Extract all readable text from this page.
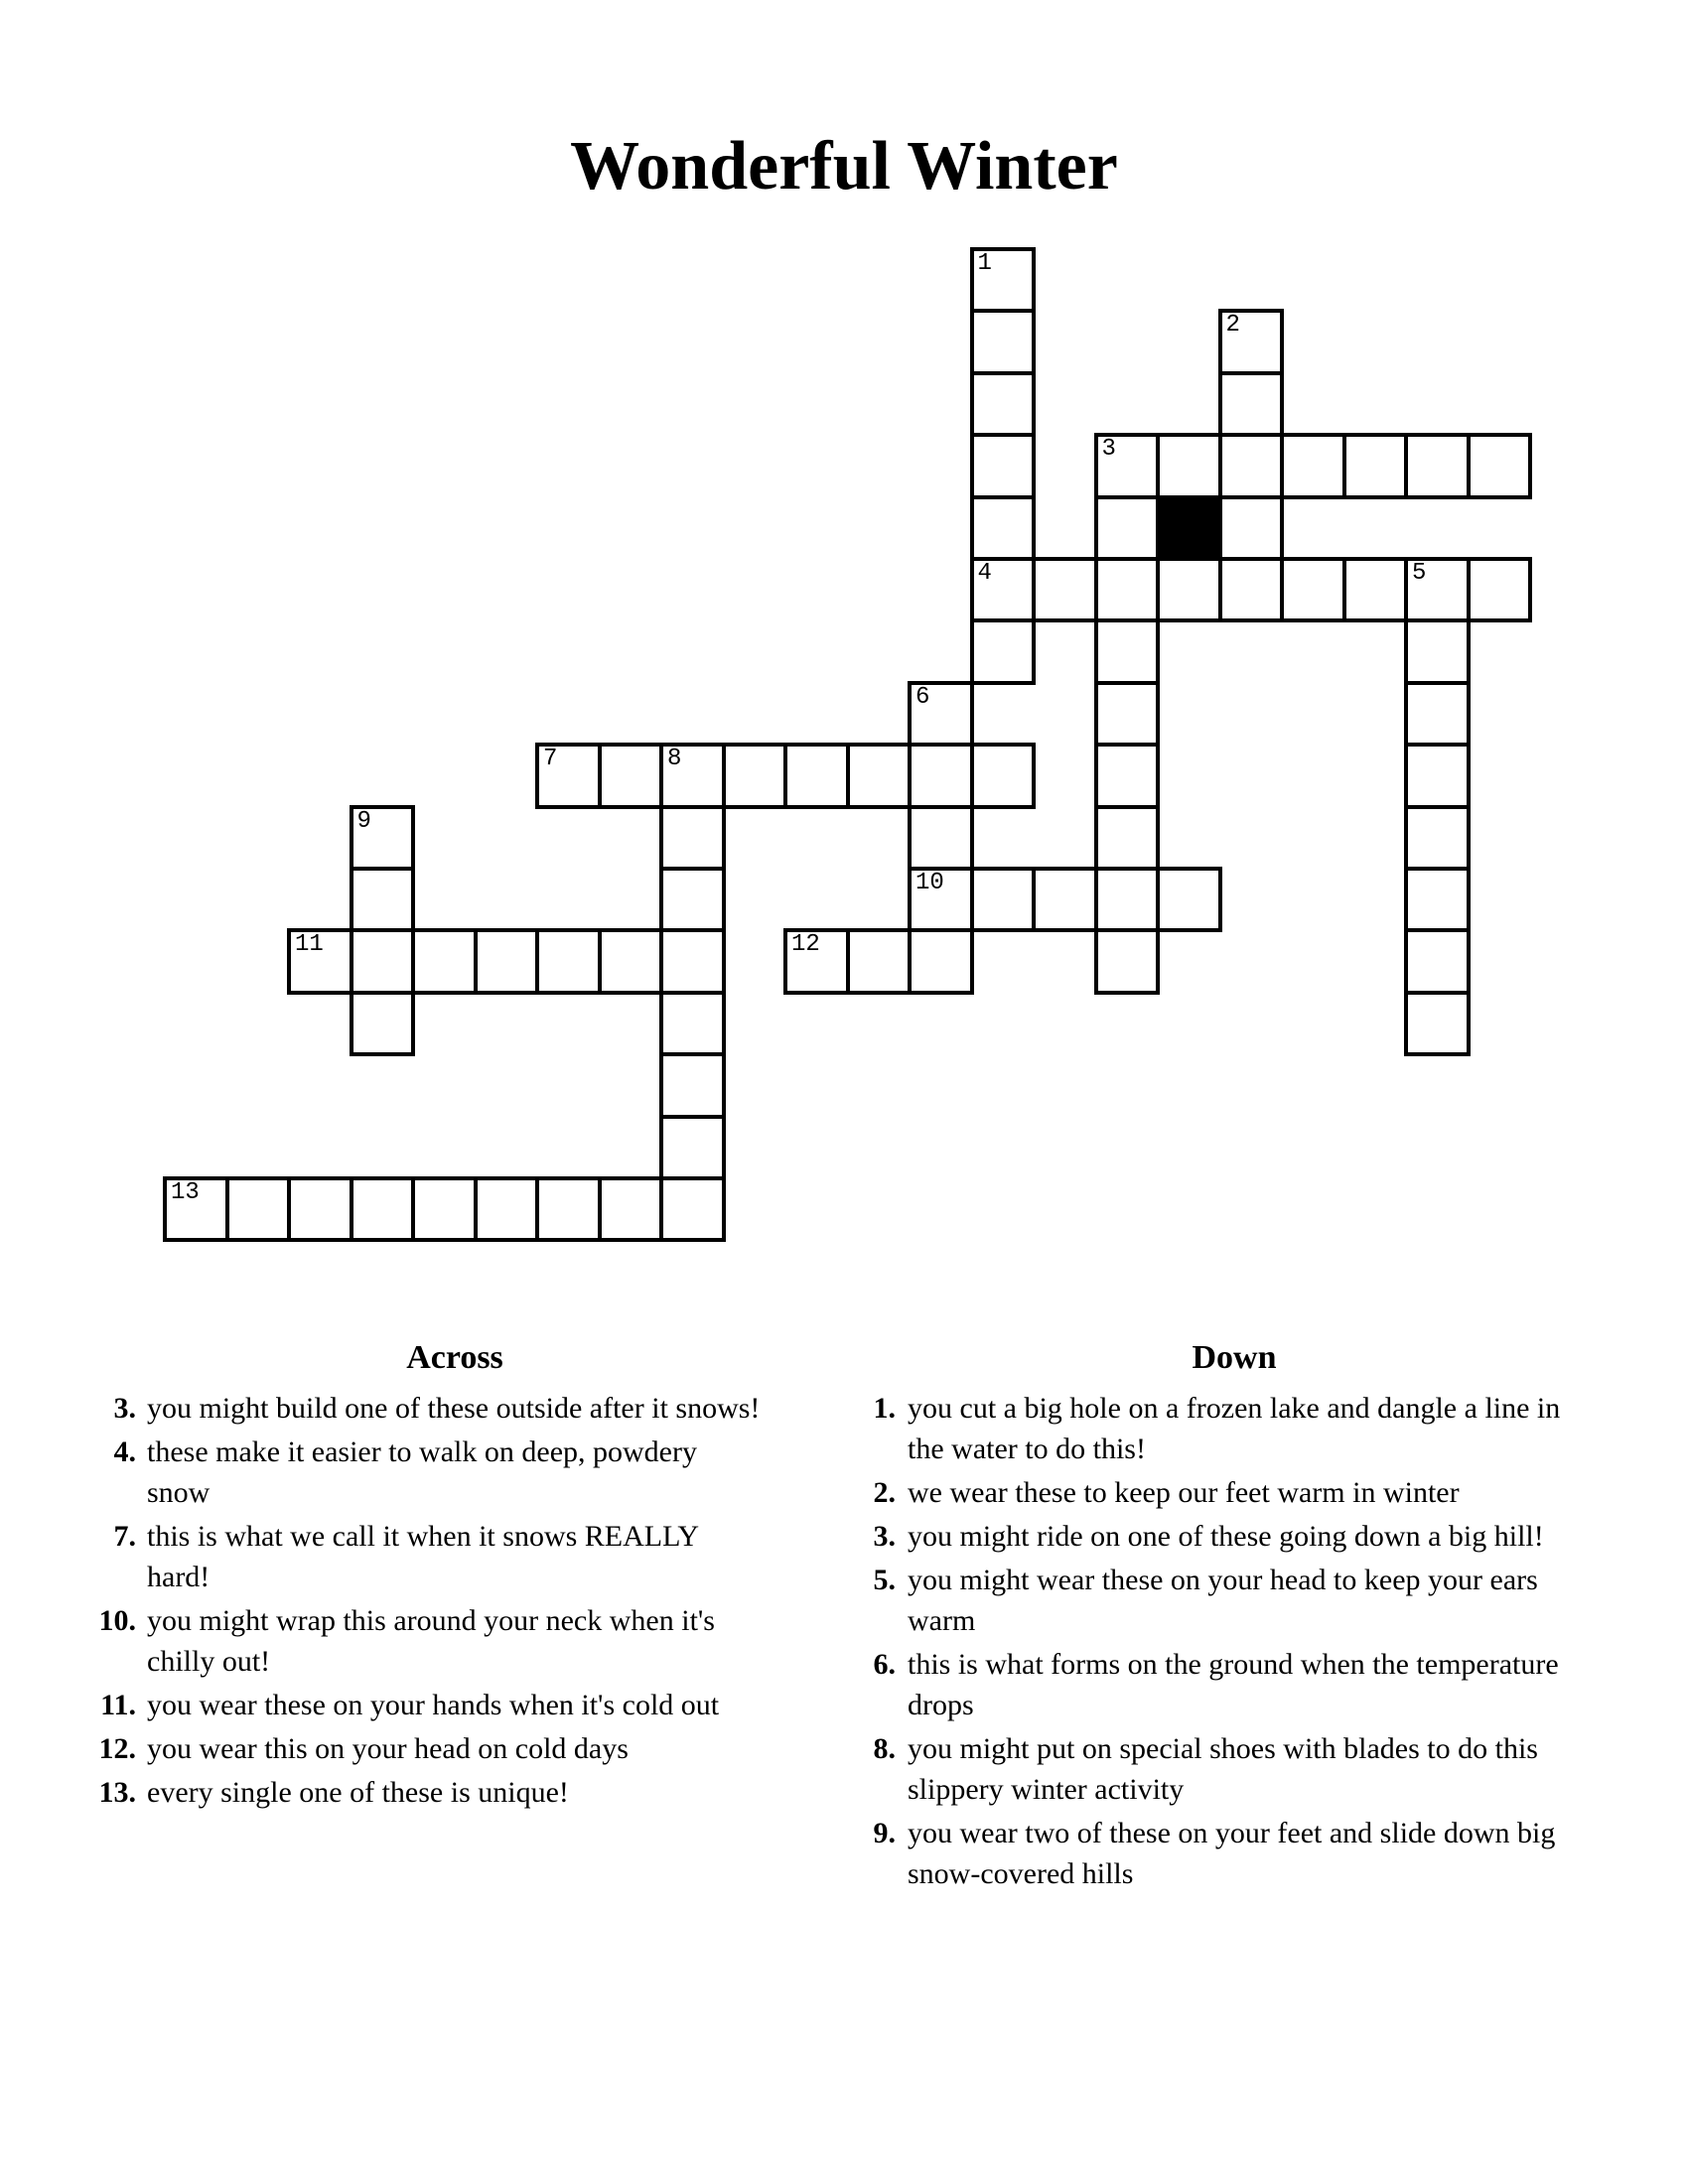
Wonderful Winter
1
2
3
4	5
6
7	8
9
10
11	12
13
Across
3. you might build one of these outside after it snows!
4. these make it easier to walk on deep, powdery snow
7. this is what we call it when it snows REALLY hard!
10. you might wrap this around your neck when it's chilly out!
11. you wear these on your hands when it's cold out
12. you wear this on your head on cold days
13. every single one of these is unique!
Down
1. you cut a big hole on a frozen lake and dangle a line in the water to do this!
2. we wear these to keep our feet warm in winter
3. you might ride on one of these going down a big hill!
5. you might wear these on your head to keep your ears warm
6. this is what forms on the ground when the temperature drops
8. you might put on special shoes with blades to do this slippery winter activity
9. you wear two of these on your feet and slide down big snow-covered hills
